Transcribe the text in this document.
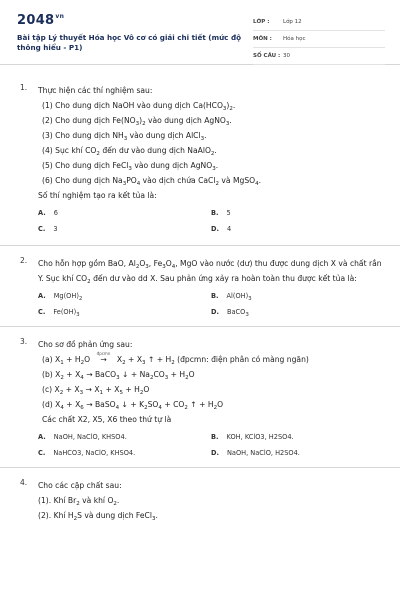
$2048^{vn}$
Bài tập Lý thuyết Hóa học Vô cơ có giải chi tiết (mức độ thông hiểu - P1)
LỚP :	Lớp 12
MÔN :	Hóa học
SỐ CÂU : 30
1. Thực hiện các thí nghiệm sau:
(1) Cho dung dịch NaOH vào dung dịch $Ca(HCO_3)_2$.
(2) Cho dung dịch $Fe(NO_3)_2$ vào dung dịch AgNO$_3$.
(3) Cho dung dịch $NH_3$ vào dung dịch AlCl$_3$.
(4) Sục khí $CO_2$ đến dư vào dung dịch NaAlO$_2$.
(5) Cho dung dịch FeCl$_3$ vào dung dịch AgNO$_3$.
(6) Cho dung dịch $Na_3PO_4$ vào dịch chứa CaCl$_2$ và MgSO$_4$.
Số thí nghiệm tạo ra kết tủa là:
A. 6	B. 5
C. 3	D. 4
2. Cho hỗn hợp gồm BaO, $Al_2O_3$, $Fe_3O_4$, MgO vào nước (dư) thu được dung dịch X và chất rắn Y. Sục khí $CO_2$ đến dư vào dd X. Sau phản ứng xảy ra hoàn toàn thu được kết tủa là:
A. $Mg(OH)_2$	B. $Al(OH)_3$
C. $Fe(OH)_3$	D. BaCO$_3$
3. Cho sơ đồ phản ứng sau:
(a) $X_1 + H_2O$
đpcmn
→ $X_2 + X_3$ ↑ + $H_2$ (đpcmn: điện phân có màng ngăn)
(b) $X_2 + X_4$ → BaCO$_3$ ↓ + $Na_2CO_3 + H_2O$
(c) $X_2 + X_3 \to X_1 + X_5 + H_2O$
(d) $X_4 + X_6$ → BaSO$_4$ ↓ + $K_2SO_4 + CO_2$ ↑ + $H_2O$
Các chất X2, X5, X6 theo thứ tự là
A. NaOH, NaClO, KHSO4.	B. KOH, KClO3, H2SO4.
C. NaHCO3, NaClO, KHSO4.	D. NaOH, NaClO, H2SO4.
4. Cho các cặp chất sau:
(1). Khí $Br_2$ và khí $O_2$.
(2). Khí $H_2S$ và dung dịch FeCl$_3$.
